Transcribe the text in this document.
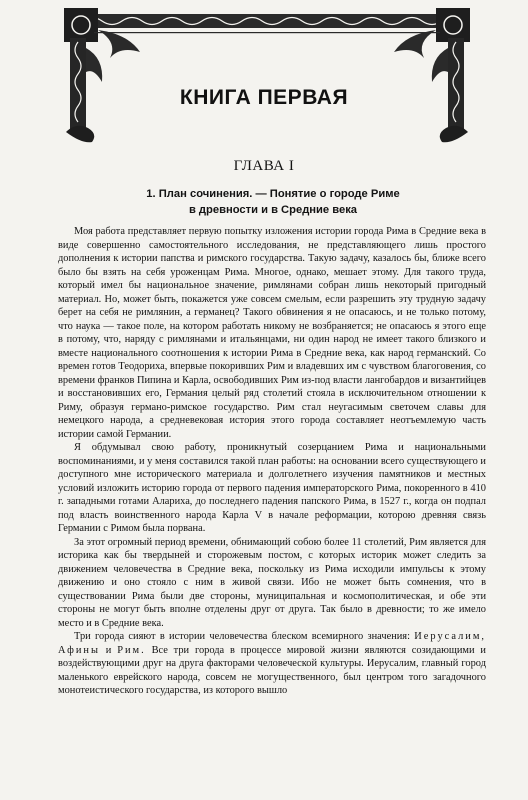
КНИГА ПЕРВАЯ
ГЛАВА I
1. План сочинения. — Понятие о городе Риме
в древности и в Средние века

Моя работа представляет первую попытку изложения истории города Рима в Средние века в виде совершенно самостоятельного исследования, не представляющего лишь простого дополнения к истории папства и римского государства. Такую задачу, казалось бы, ближе всего было бы взять на себя уроженцам Рима. Многое, однако, мешает этому. Для такого труда, который имел бы национальное значение, римлянами собран лишь некоторый пригодный материал. Но, может быть, покажется уже совсем смелым, если разрешить эту трудную задачу берет на себя не римлянин, а германец? Такого обвинения я не опасаюсь, и не только потому, что наука — такое поле, на котором работать никому не возбраняется; не опасаюсь я этого еще в потому, что, наряду с римлянами и итальянцами, ни один народ не имеет такого близкого и вместе национального соотношения к истории Рима в Средние века, как народ германский. Со времен готов Теодориха, впервые покоривших Рим и владевших им с чувством благоговения, со времени франков Пипина и Карла, освободивших Рим из-под власти лангобардов и византийцев и восстановивших его, Германия целый ряд столетий стояла в исключительном отношении к Риму, образуя германо-римское государство. Рим стал неугасимым светочем славы для немецкого народа, а средневековая история этого города составляет неотъемлемую часть истории самой Германии.

Я обдумывал свою работу, проникнутый созерцанием Рима и национальными воспоминаниями, и у меня составился такой план работы: на основании всего существующего и доступного мне исторического материала и долголетнего изучения памятников и местных условий изложить историю города от первого падения императорского Рима, покоренного в 410 г. западными готами Алариха, до последнего падения папского Рима, в 1527 г., когда он подпал под власть воинственного народа Карла V в начале реформации, которою древняя связь Германии с Римом была порвана.

За этот огромный период времени, обнимающий собою более 11 столетий, Рим является для историка как бы твердыней и сторожевым постом, с которых историк может следить за движением человечества в Средние века, поскольку из Рима исходили импульсы к этому движению и оно стояло с ним в живой связи. Ибо не может быть сомнения, что в существовании Рима были две стороны, муниципальная и космополитическая, и обе эти стороны не могут быть вполне отделены друг от друга. Так было в древности; то же имело место и в Средние века.

Три города сияют в истории человечества блеском всемирного значения: Иерусалим, Афины и Рим. Все три города в процессе мировой жизни являются созидающими и воздействующими друг на друга факторами человеческой культуры. Иерусалим, главный город маленького еврейского народа, совсем не могущественного, был центром того загадочного монотеистического государства, из которого вышло
